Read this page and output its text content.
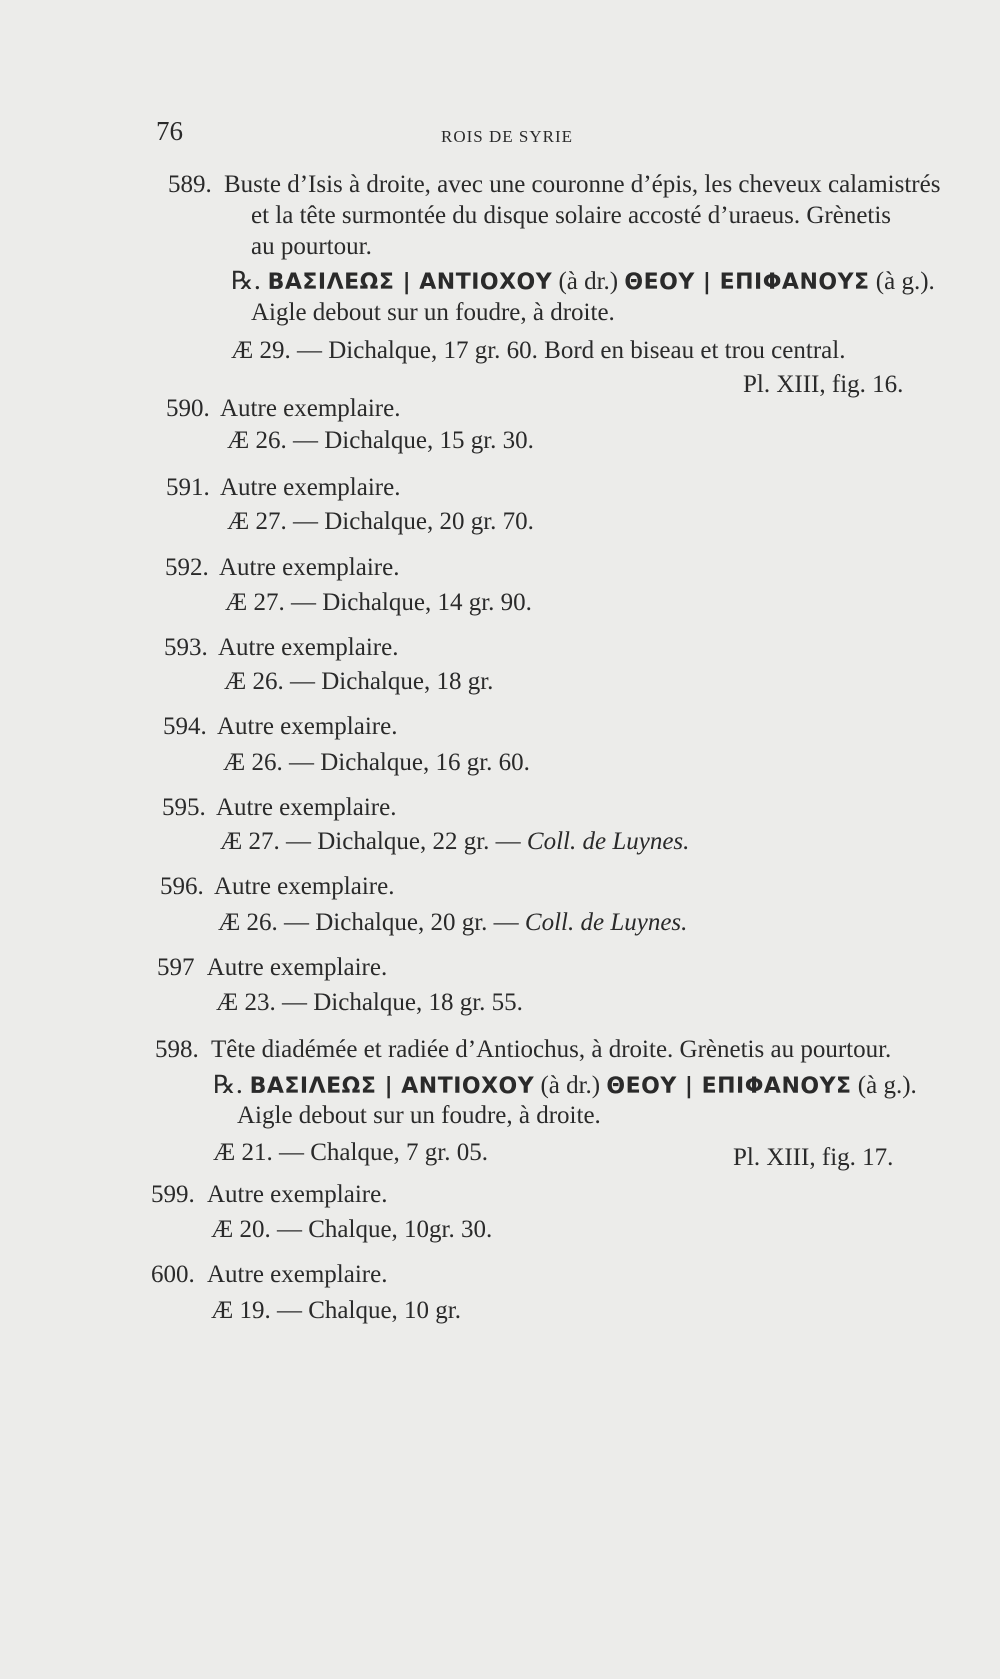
76	ROIS DE SYRIE
589. Buste d’Isis à droite, avec une couronne d’épis, les cheveux calamistrés
et la tête surmontée du disque solaire accosté d’uraeus. Grènetis
au pourtour.
℞. ΒΑΣΙΛΕΩΣ | ΑΝΤΙΟΧΟΥ (à dr.) ΘΕΟΥ | ΕΠΙΦΑΝΟΥΣ (à g.).
Aigle debout sur un foudre, à droite.
Æ 29. — Dichalque, 17 gr. 60. Bord en biseau et trou central.
Pl. XIII, fig. 16.
590. Autre exemplaire.
Æ 26. — Dichalque, 15 gr. 30.
591. Autre exemplaire.
Æ 27. — Dichalque, 20 gr. 70.
592. Autre exemplaire.
Æ 27. — Dichalque, 14 gr. 90.
593. Autre exemplaire.
Æ 26. — Dichalque, 18 gr.
594. Autre exemplaire.
Æ 26. — Dichalque, 16 gr. 60.
595. Autre exemplaire.
Æ 27. — Dichalque, 22 gr. — Coll. de Luynes.
596. Autre exemplaire.
Æ 26. — Dichalque, 20 gr. — Coll. de Luynes.
597 Autre exemplaire.
Æ 23. — Dichalque, 18 gr. 55.
598. Tête diadémée et radiée d’Antiochus, à droite. Grènetis au pourtour.
℞. ΒΑΣΙΛΕΩΣ | ΑΝΤΙΟΧΟΥ (à dr.) ΘΕΟΥ | ΕΠΙΦΑΝΟΥΣ (à g.).
Aigle debout sur un foudre, à droite.
Æ 21. — Chalque, 7 gr. 05.	Pl. XIII, fig. 17.
599. Autre exemplaire.
Æ 20. — Chalque, 10gr. 30.
600. Autre exemplaire.
Æ 19. — Chalque, 10 gr.
